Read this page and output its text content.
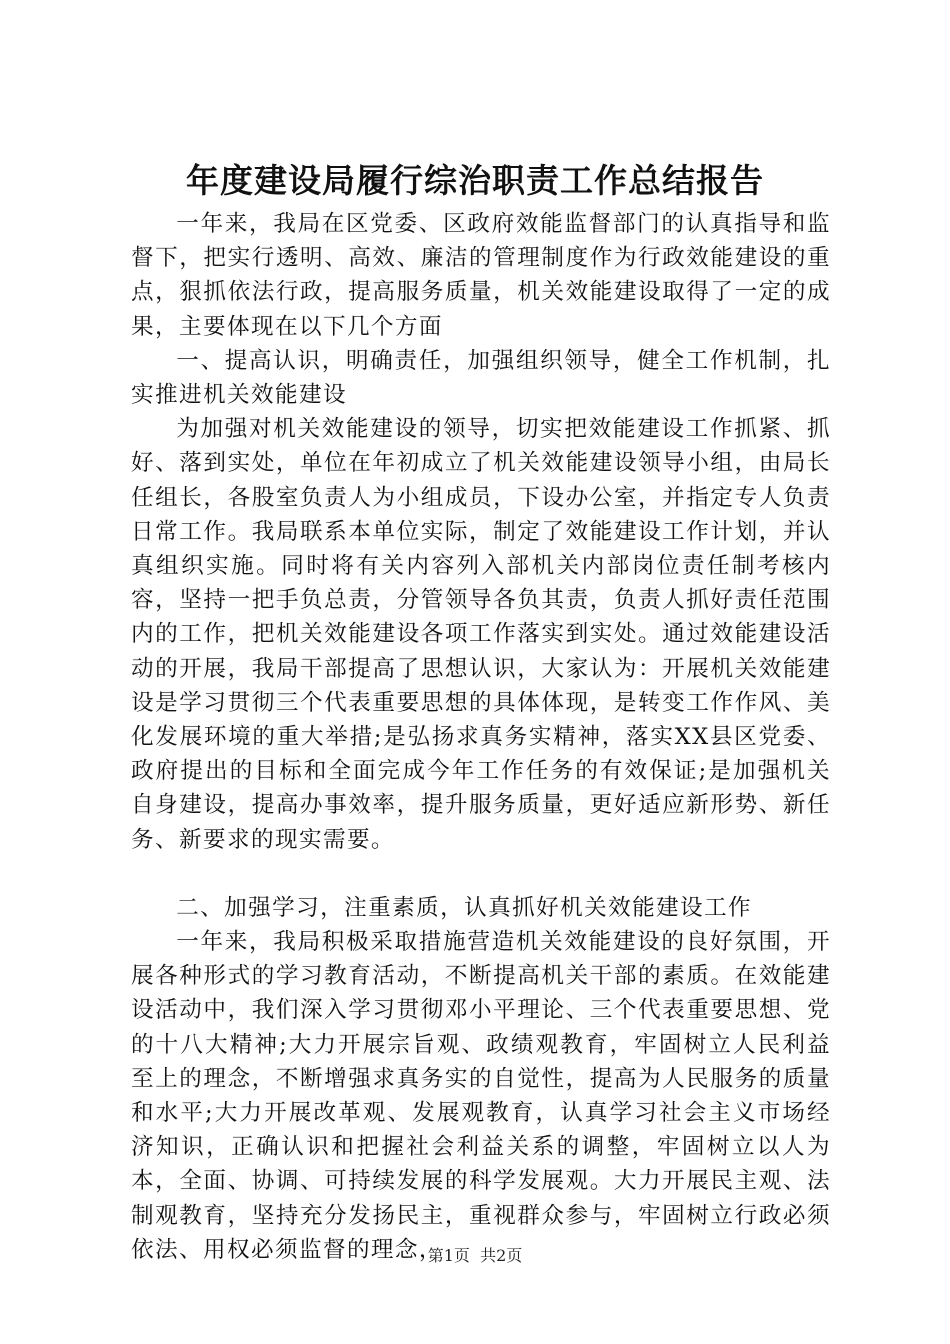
年度建设局履行综治职责工作总结报告

一年来，我局在区党委、区政府效能监督部门的认真指导和监督下，把实行透明、高效、廉洁的管理制度作为行政效能建设的重点，狠抓依法行政，提高服务质量，机关效能建设取得了一定的成果，主要体现在以下几个方面

一、提高认识，明确责任，加强组织领导，健全工作机制，扎实推进机关效能建设

为加强对机关效能建设的领导，切实把效能建设工作抓紧、抓好、落到实处，单位在年初成立了机关效能建设领导小组，由局长任组长，各股室负责人为小组成员，下设办公室，并指定专人负责日常工作。我局联系本单位实际，制定了效能建设工作计划，并认真组织实施。同时将有关内容列入部机关内部岗位责任制考核内容，坚持一把手负总责，分管领导各负其责，负责人抓好责任范围内的工作，把机关效能建设各项工作落实到实处。通过效能建设活动的开展，我局干部提高了思想认识，大家认为：开展机关效能建设是学习贯彻三个代表重要思想的具体体现，是转变工作作风、美化发展环境的重大举措;是弘扬求真务实精神，落实XX县区党委、政府提出的目标和全面完成今年工作任务的有效保证;是加强机关自身建设，提高办事效率，提升服务质量，更好适应新形势、新任务、新要求的现实需要。

二、加强学习，注重素质，认真抓好机关效能建设工作

一年来，我局积极采取措施营造机关效能建设的良好氛围，开展各种形式的学习教育活动，不断提高机关干部的素质。在效能建设活动中，我们深入学习贯彻邓小平理论、三个代表重要思想、党的十八大精神;大力开展宗旨观、政绩观教育，牢固树立人民利益至上的理念，不断增强求真务实的自觉性，提高为人民服务的质量和水平;大力开展改革观、发展观教育，认真学习社会主义市场经济知识，正确认识和把握社会利益关系的调整，牢固树立以人为本，全面、协调、可持续发展的科学发展观。大力开展民主观、法制观教育，坚持充分发扬民主，重视群众参与，牢固树立行政必须依法、用权必须监督的理念，

第1页  共2页
